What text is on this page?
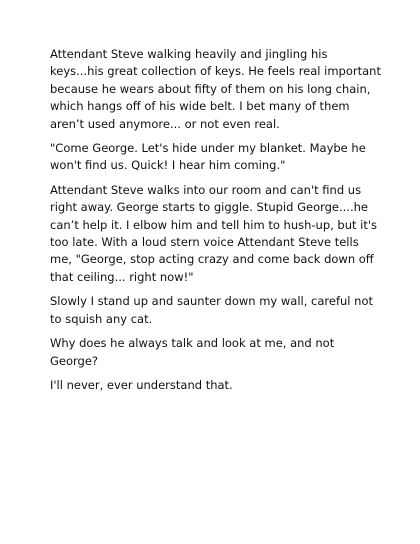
Attendant Steve walking heavily and jingling his keys...his great collection of keys. He feels real important because he wears about fifty of them on his long chain, which hangs off of his wide belt. I bet many of them aren’t used anymore... or not even real.

"Come George. Let's hide under my blanket. Maybe he won't find us. Quick! I hear him coming."

Attendant Steve walks into our room and can't find us right away. George starts to giggle. Stupid George....he can’t help it. I elbow him and tell him to hush-up, but it's too late. With a loud stern voice Attendant Steve tells me, "George, stop acting crazy and come back down off that ceiling... right now!"

Slowly I stand up and saunter down my wall, careful not to squish any cat.

Why does he always talk and look at me, and not George?

I'll never, ever understand that.
